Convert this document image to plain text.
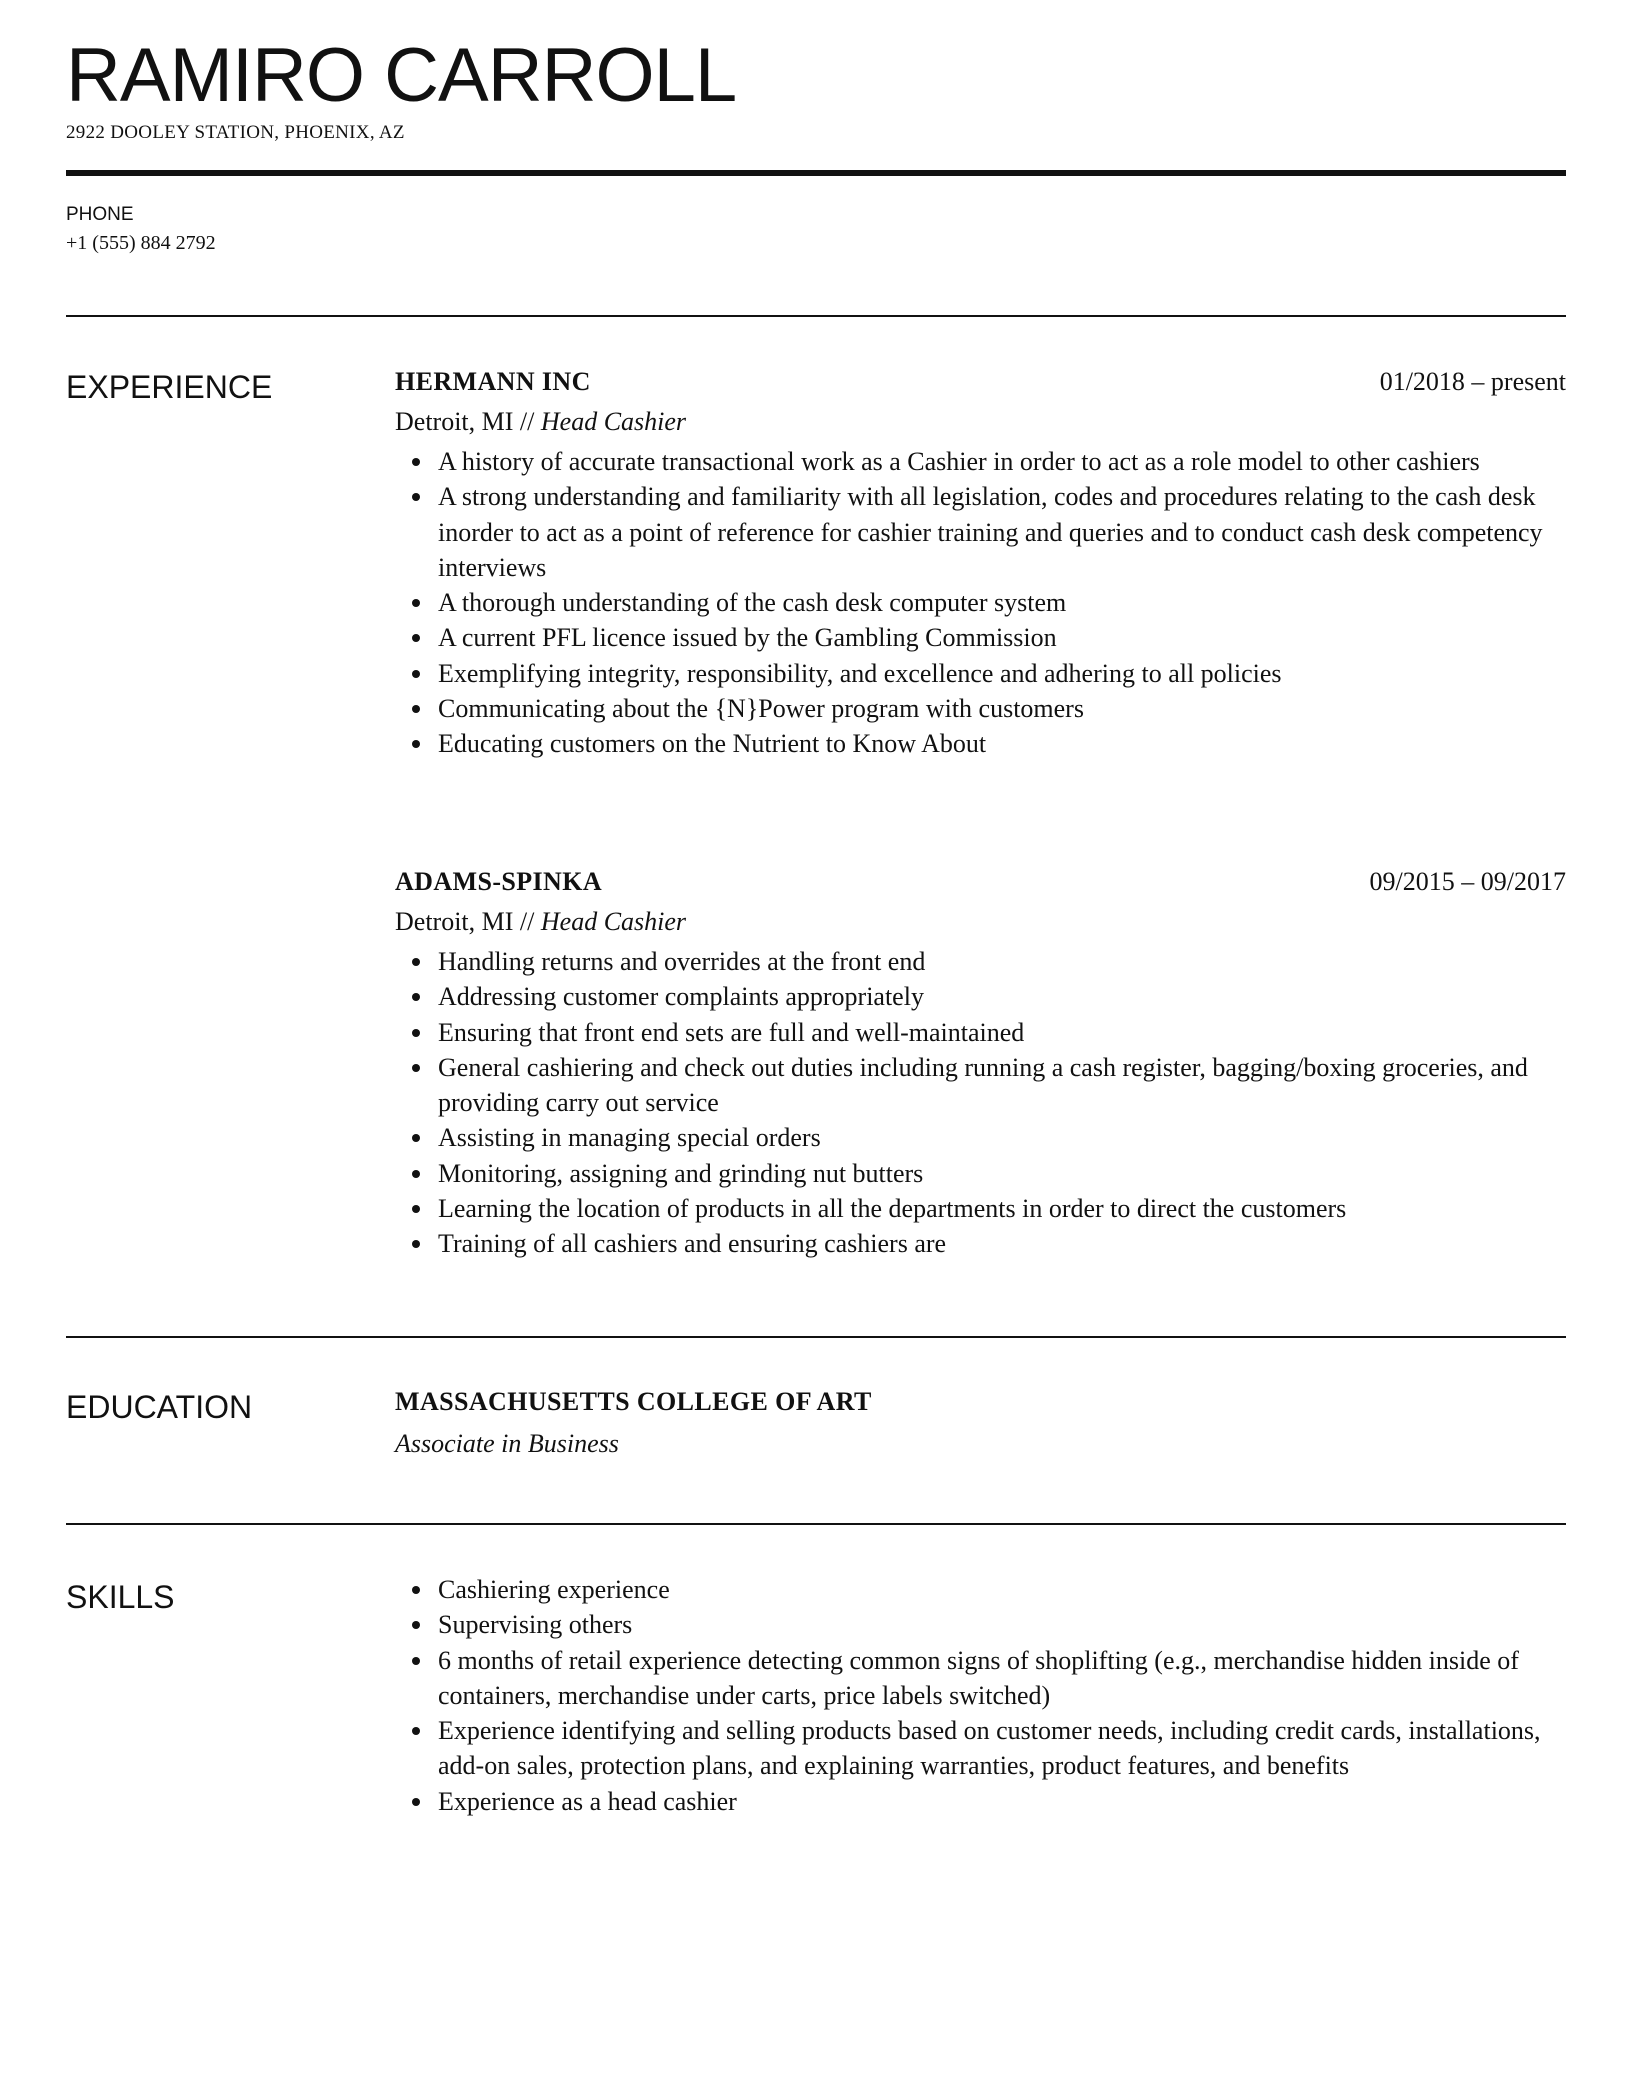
RAMIRO CARROLL
2922 DOOLEY STATION, PHOENIX, AZ
PHONE
+1 (555) 884 2792
EXPERIENCE	HERMANN INC	01/2018 – present
Detroit, MI // Head Cashier
A history of accurate transactional work as a Cashier in order to act as a role model to other cashiers
A strong understanding and familiarity with all legislation, codes and procedures relating to the cash desk inorder to act as a point of reference for cashier training and queries and to conduct cash desk competency interviews
A thorough understanding of the cash desk computer system
A current PFL licence issued by the Gambling Commission
Exemplifying integrity, responsibility, and excellence and adhering to all policies
Communicating about the {N}Power program with customers
Educating customers on the Nutrient to Know About
ADAMS-SPINKA	09/2015 – 09/2017
Detroit, MI // Head Cashier
Handling returns and overrides at the front end
Addressing customer complaints appropriately
Ensuring that front end sets are full and well-maintained
General cashiering and check out duties including running a cash register, bagging/boxing groceries, and providing carry out service
Assisting in managing special orders
Monitoring, assigning and grinding nut butters
Learning the location of products in all the departments in order to direct the customers
Training of all cashiers and ensuring cashiers are
EDUCATION	MASSACHUSETTS COLLEGE OF ART
Associate in Business
SKILLS	Cashiering experience
Supervising others
6 months of retail experience detecting common signs of shoplifting (e.g., merchandise hidden inside of containers, merchandise under carts, price labels switched)
Experience identifying and selling products based on customer needs, including credit cards, installations, add-on sales, protection plans, and explaining warranties, product features, and benefits
Experience as a head cashier
